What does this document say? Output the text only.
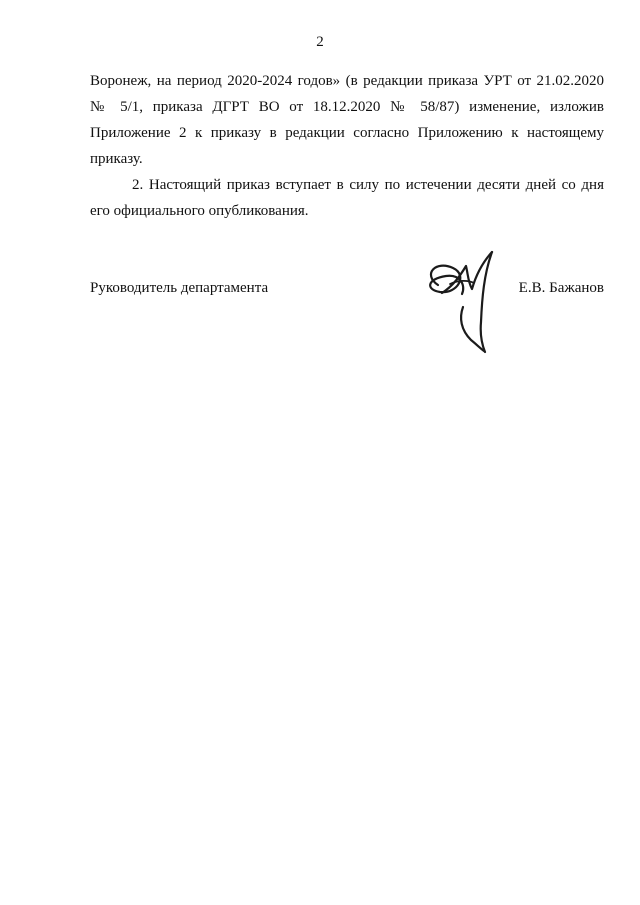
2

Воронеж, на период 2020-2024 годов» (в редакции приказа УРТ от 21.02.2020 № 5/1, приказа ДГРТ ВО от 18.12.2020 № 58/87) изменение, изложив Приложение 2 к приказу в редакции согласно Приложению к настоящему приказу.

2. Настоящий приказ вступает в силу по истечении десяти дней со дня его официального опубликования.

Руководитель департамента	Е.В. Бажанов
